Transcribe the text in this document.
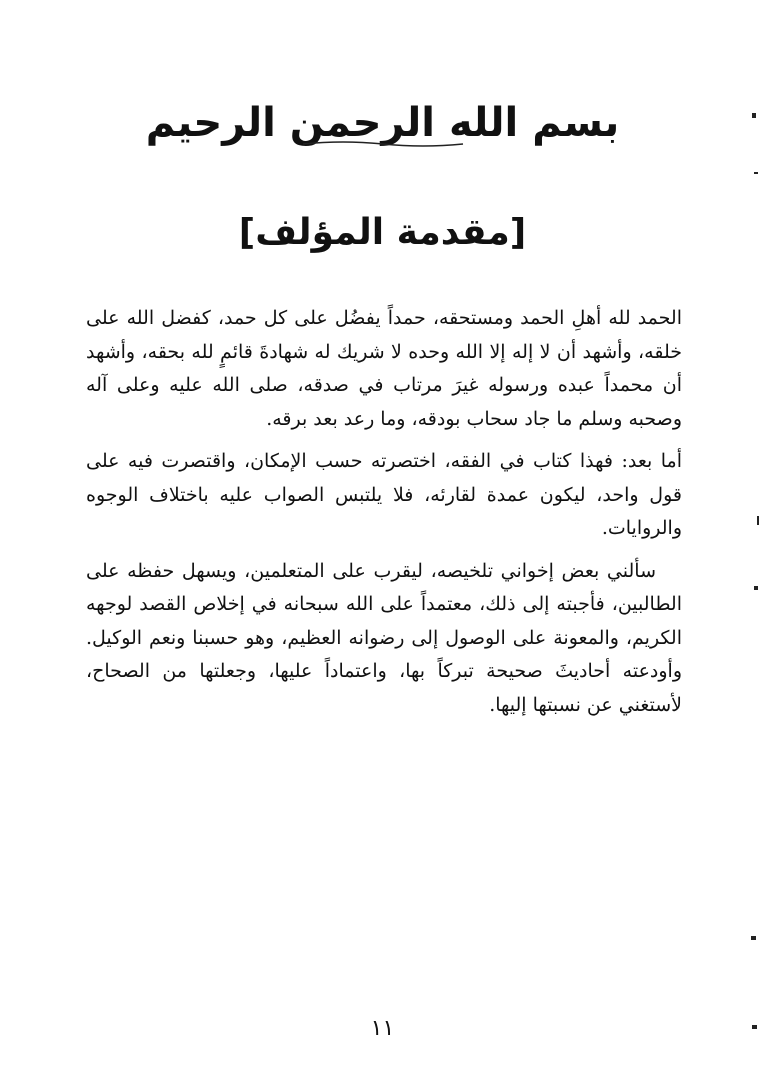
بسم الله الرحمن الرحيم
[مقدمة المؤلف]

الحمد لله أهلِ الحمد ومستحقه، حمداً يفضُل على كل حمد، كفضل الله على خلقه، وأشهد أن لا إله إلا الله وحده لا شريك له شهادةَ قائمٍ لله بحقه، وأشهد أن محمداً عبده ورسوله غيرَ مرتاب في صدقه، صلى الله عليه وعلى آله وصحبه وسلم ما جاد سحاب بودقه، وما رعد بعد برقه.

أما بعد: فهذا كتاب في الفقه، اختصرته حسب الإمكان، واقتصرت فيه على قول واحد، ليكون عمدة لقارئه، فلا يلتبس الصواب عليه باختلاف الوجوه والروايات.

سألني بعض إخواني تلخيصه، ليقرب على المتعلمين، ويسهل حفظه على الطالبين، فأجبته إلى ذلك، معتمداً على الله سبحانه في إخلاص القصد لوجهه الكريم، والمعونة على الوصول إلى رضوانه العظيم، وهو حسبنا ونعم الوكيل. وأودعته أحاديثَ صحيحة تبركاً بها، واعتماداً عليها، وجعلتها من الصحاح، لأستغني عن نسبتها إليها.

١١
